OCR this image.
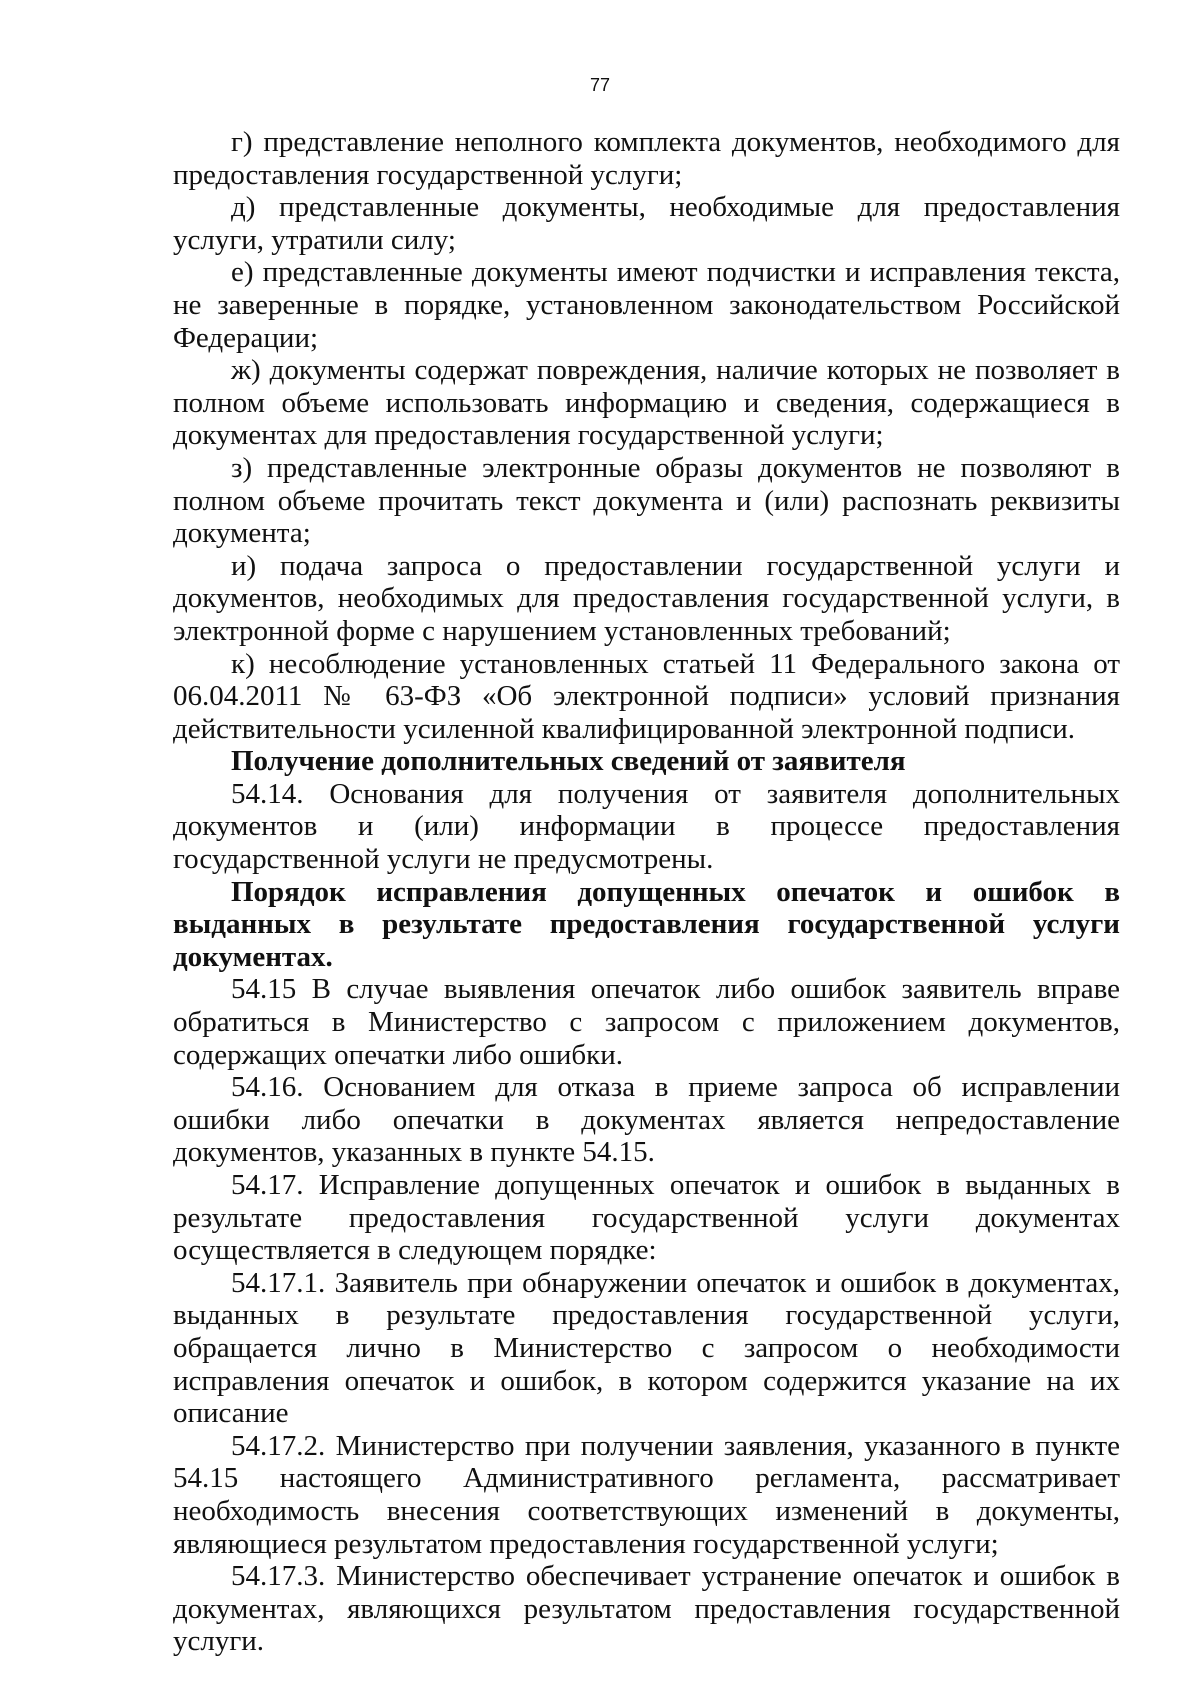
77

г) представление неполного комплекта документов, необходимого для предоставления государственной услуги;

д) представленные документы, необходимые для предоставления услуги, утратили силу;

е) представленные документы имеют подчистки и исправления текста, не заверенные в порядке, установленном законодательством Российской Федерации;

ж) документы содержат повреждения, наличие которых не позволяет в полном объеме использовать информацию и сведения, содержащиеся в документах для предоставления государственной услуги;

з) представленные электронные образы документов не позволяют в полном объеме прочитать текст документа и (или) распознать реквизиты документа;

и) подача запроса о предоставлении государственной услуги и документов, необходимых для предоставления государственной услуги, в электронной форме с нарушением установленных требований;

к) несоблюдение установленных статьей 11 Федерального закона от 06.04.2011 № 63-ФЗ «Об электронной подписи» условий признания действительности усиленной квалифицированной электронной подписи.

Получение дополнительных сведений от заявителя

54.14. Основания для получения от заявителя дополнительных документов и (или) информации в процессе предоставления государственной услуги не предусмотрены.

Порядок исправления допущенных опечаток и ошибок в выданных в результате предоставления государственной услуги документах.

54.15 В случае выявления опечаток либо ошибок заявитель вправе обратиться в Министерство с запросом с приложением документов, содержащих опечатки либо ошибки.

54.16. Основанием для отказа в приеме запроса об исправлении ошибки либо опечатки в документах является непредоставление документов, указанных в пункте 54.15.

54.17. Исправление допущенных опечаток и ошибок в выданных в результате предоставления государственной услуги документах осуществляется в следующем порядке:

54.17.1. Заявитель при обнаружении опечаток и ошибок в документах, выданных в результате предоставления государственной услуги, обращается лично в Министерство с запросом о необходимости исправления опечаток и ошибок, в котором содержится указание на их описание

54.17.2. Министерство при получении заявления, указанного в пункте 54.15 настоящего Административного регламента, рассматривает необходимость внесения соответствующих изменений в документы, являющиеся результатом предоставления государственной услуги;

54.17.3. Министерство обеспечивает устранение опечаток и ошибок в документах, являющихся результатом предоставления государственной услуги.
